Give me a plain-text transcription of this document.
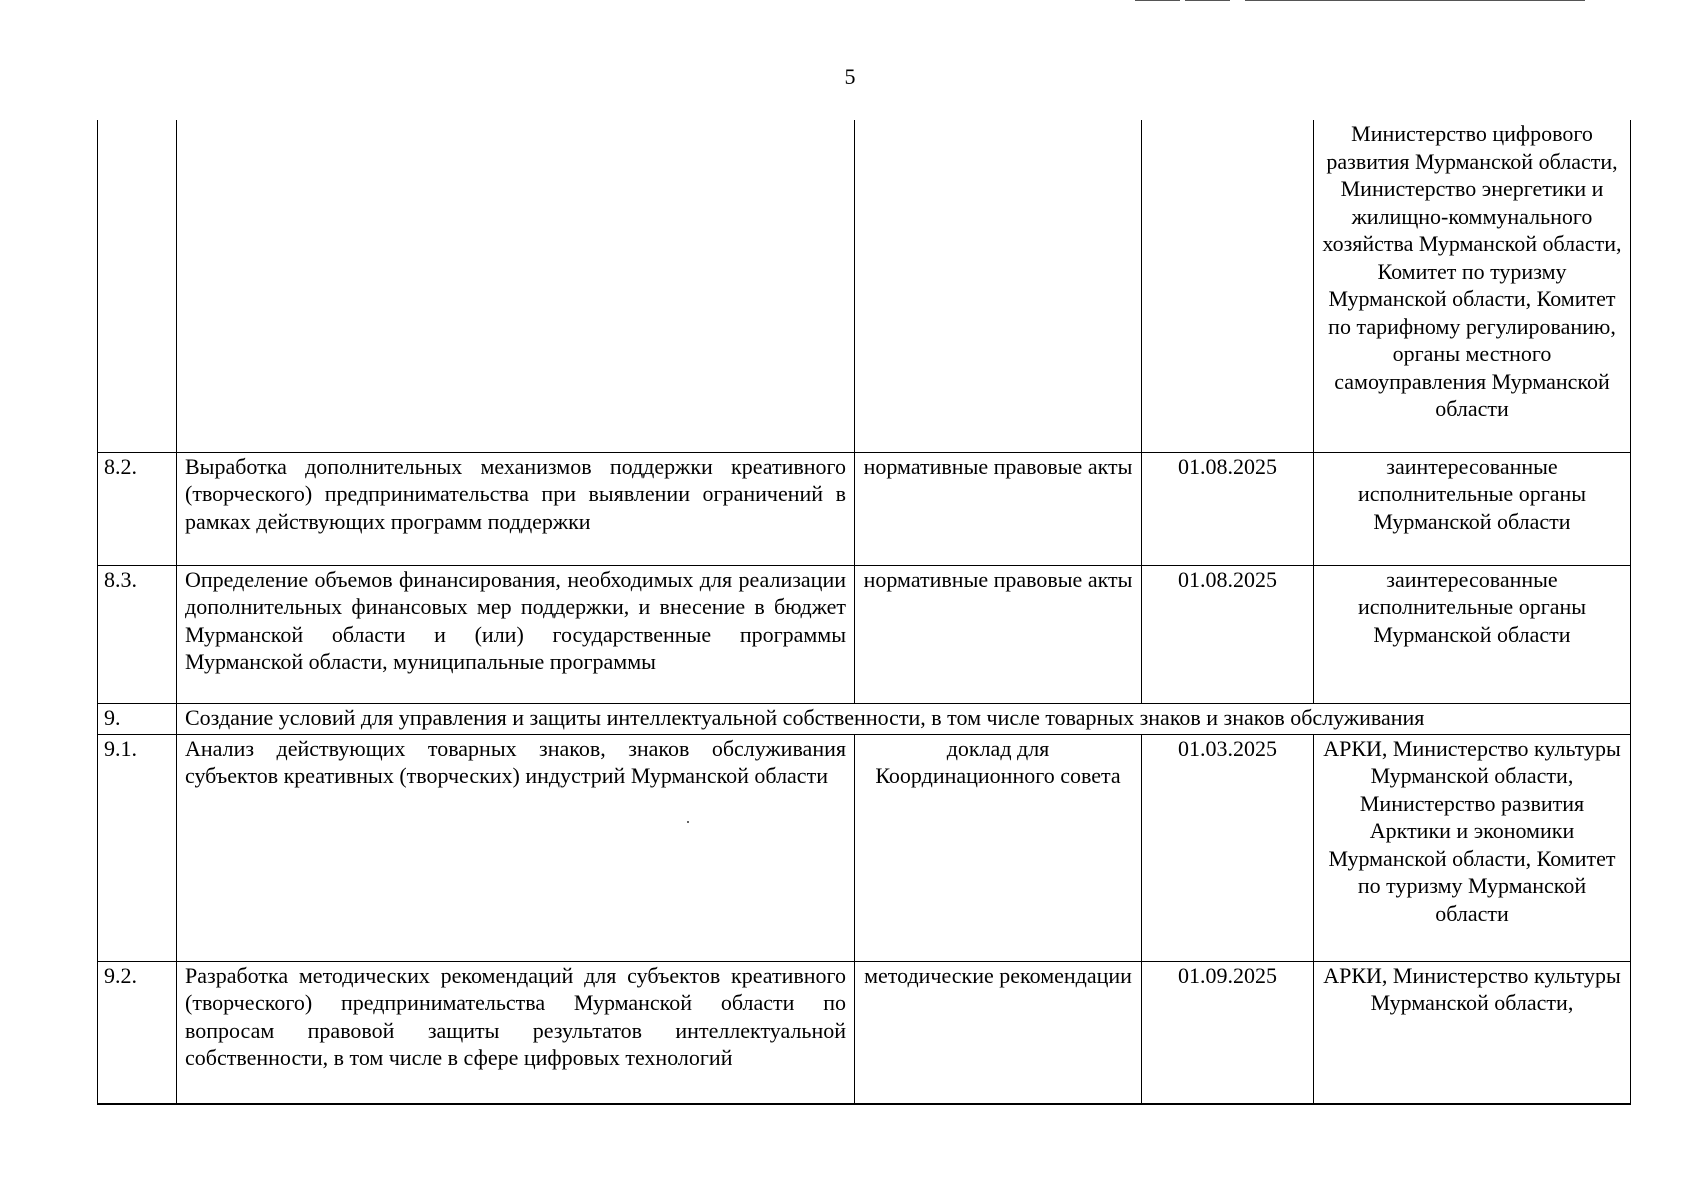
5
				Министерство цифрового развития Мурманской области, Министерство энергетики и жилищно-коммунального хозяйства Мурманской области, Комитет по туризму Мурманской области, Комитет по тарифному регулированию, органы местного самоуправления Мурманской области
8.2.	Выработка дополнительных механизмов поддержки креативного (творческого) предпринимательства при выявлении ограничений в рамках действующих программ поддержки	нормативные правовые акты	01.08.2025	заинтересованные исполнительные органы Мурманской области
8.3.	Определение объемов финансирования, необходимых для реализации дополнительных финансовых мер поддержки, и внесение в бюджет Мурманской области и (или) государственные программы Мурманской области, муниципальные программы	нормативные правовые акты	01.08.2025	заинтересованные исполнительные органы Мурманской области
9.	Создание условий для управления и защиты интеллектуальной собственности, в том числе товарных знаков и знаков обслуживания			
9.1.	Анализ действующих товарных знаков, знаков обслуживания субъектов креативных (творческих) индустрий Мурманской области	доклад для Координационного совета	01.03.2025	АРКИ, Министерство культуры Мурманской области, Министерство развития Арктики и экономики Мурманской области, Комитет по туризму Мурманской области
9.2.	Разработка методических рекомендаций для субъектов креативного (творческого) предпринимательства Мурманской области по вопросам правовой защиты результатов интеллектуальной собственности, в том числе в сфере цифровых технологий	методические рекомендации	01.09.2025	АРКИ, Министерство культуры Мурманской области,
